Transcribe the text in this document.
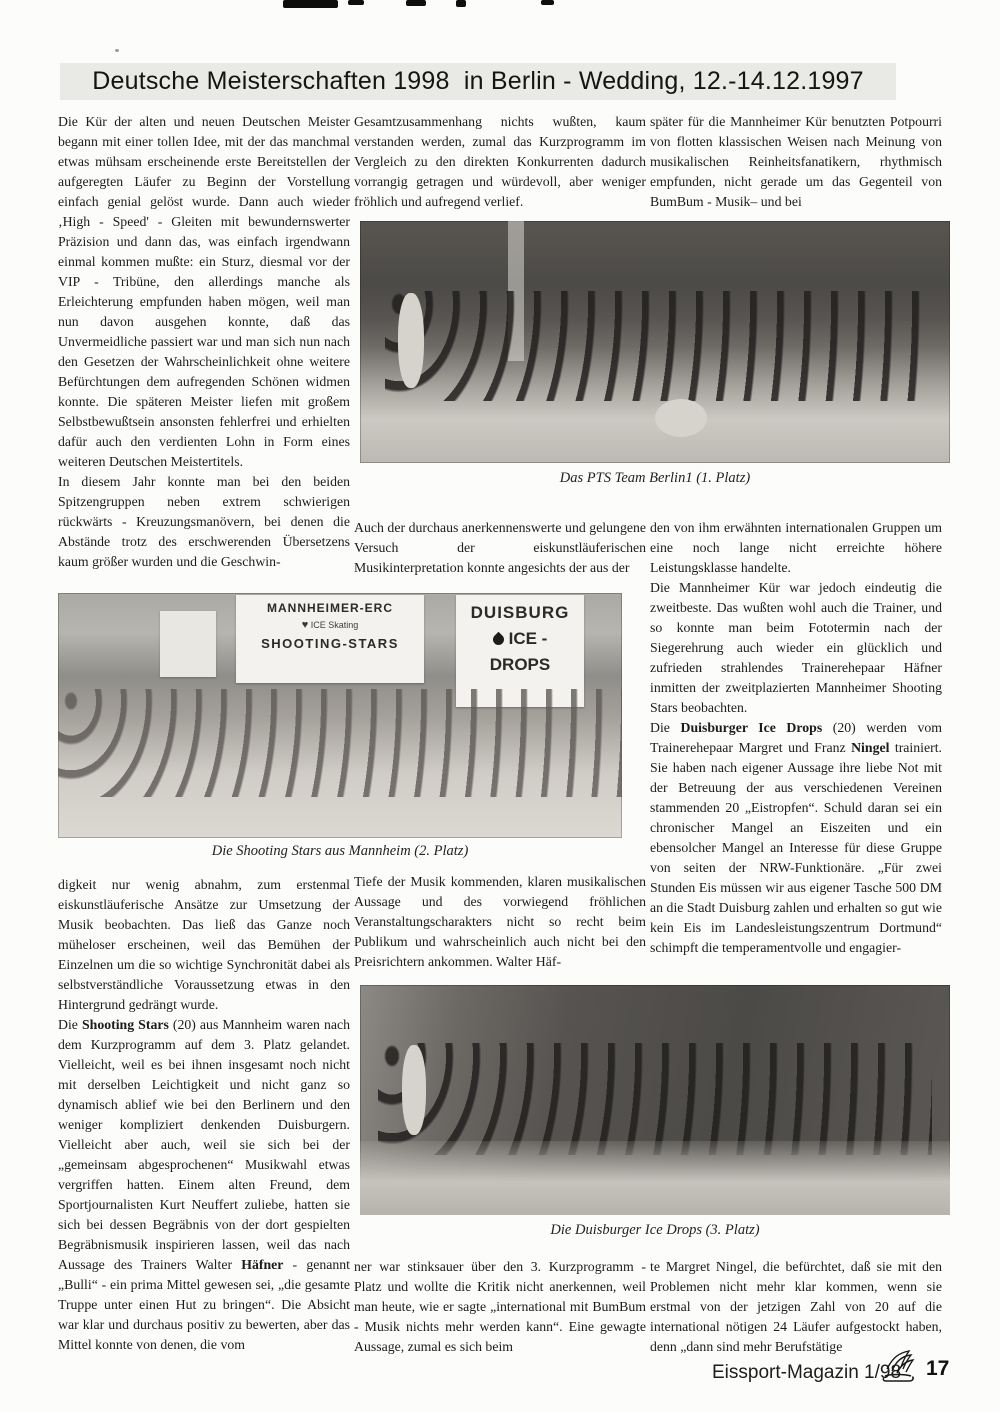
Deutsche Meisterschaften 1998  in Berlin - Wedding, 12.-14.12.1997

Die Kür der alten und neuen Deutschen Meister begann mit einer tollen Idee, mit der das manchmal etwas mühsam erscheinende erste Bereitstellen der aufgeregten Läufer zu Beginn der Vorstellung einfach genial gelöst wurde. Dann auch wieder ‚High - Speed' - Gleiten mit bewundernswerter Präzision und dann das, was einfach irgendwann einmal kommen mußte: ein Sturz, diesmal vor der VIP - Tribüne, den allerdings manche als Erleichterung empfunden haben mögen, weil man nun davon ausgehen konnte, daß das Unvermeidliche passiert war und man sich nun nach den Gesetzen der Wahrscheinlichkeit ohne weitere Befürchtungen dem aufregenden Schönen widmen konnte. Die späteren Meister liefen mit großem Selbstbewußtsein ansonsten fehlerfrei und erhielten dafür auch den verdienten Lohn in Form eines weiteren Deutschen Meistertitels.

In diesem Jahr konnte man bei den beiden Spitzengruppen neben extrem schwierigen rückwärts - Kreuzungsmanövern, bei denen die Abstände trotz des erschwerenden Übersetzens kaum größer wurden und die Geschwin-

Gesamtzusammenhang nichts wußten, kaum verstanden werden, zumal das Kurzprogramm im Vergleich zu den direkten Konkurrenten dadurch vorrangig getragen und würdevoll, aber weniger fröhlich und aufregend verlief.

später für die Mannheimer Kür benutzten Potpourri von flotten klassischen Weisen nach Meinung von musikalischen Reinheitsfanatikern, rhythmisch empfunden, nicht gerade um das Gegenteil von BumBum - Musik– und bei

Das PTS Team Berlin1 (1. Platz)

Auch der durchaus anerkennenswerte und gelungene Versuch der eiskunstläuferischen Musikinterpretation konnte angesichts der aus der

den von ihm erwähnten internationalen Gruppen um eine noch lange nicht erreichte höhere Leistungsklasse handelte.

Die Mannheimer Kür war jedoch eindeutig die zweitbeste. Das wußten wohl auch die Trainer, und so konnte man beim Fototermin nach der Siegerehrung auch wieder ein glücklich und zufrieden strahlendes Trainerehepaar Häfner inmitten der zweitplazierten Mannheimer Shooting Stars beobachten.

Die Duisburger Ice Drops (20) werden vom Trainerehepaar Margret und Franz Ningel trainiert. Sie haben nach eigener Aussage ihre liebe Not mit der Betreuung der aus verschiedenen Vereinen stammenden 20 „Eistropfen“. Schuld daran sei ein chronischer Mangel an Eiszeiten und ein ebensolcher Mangel an Interesse für diese Gruppe von seiten der NRW-Funktionäre. „Für zwei Stunden Eis müssen wir aus eigener Tasche 500 DM an die Stadt Duisburg zahlen und erhalten so gut wie kein Eis im Landesleistungszentrum Dortmund“ schimpft die temperamentvolle und engagier-

MANNHEIMER-ERC
♥ ICE Skating
SHOOTING-STARS
DUISBURG
ICE -
DROPS
Die Shooting Stars aus Mannheim (2. Platz)

digkeit nur wenig abnahm, zum erstenmal eiskunstläuferische Ansätze zur Umsetzung der Musik beobachten. Das ließ das Ganze noch müheloser erscheinen, weil das Bemühen der Einzelnen um die so wichtige Synchronität dabei als selbstverständliche Voraussetzung etwas in den Hintergrund gedrängt wurde.

Die Shooting Stars (20) aus Mannheim waren nach dem Kurzprogramm auf dem 3. Platz gelandet. Vielleicht, weil es bei ihnen insgesamt noch nicht mit derselben Leichtigkeit und nicht ganz so dynamisch ablief wie bei den Berlinern und den weniger kompliziert denkenden Duisburgern. Vielleicht aber auch, weil sie sich bei der „gemeinsam abgesprochenen“ Musikwahl etwas vergriffen hatten. Einem alten Freund, dem Sportjournalisten Kurt Neuffert zuliebe, hatten sie sich bei dessen Begräbnis von der dort gespielten Begräbnismusik inspirieren lassen, weil das nach Aussage des Trainers Walter Häfner - genannt „Bulli“ - ein prima Mittel gewesen sei, „die gesamte Truppe unter einen Hut zu bringen“. Die Absicht war klar und durchaus positiv zu bewerten, aber das Mittel konnte von denen, die vom

Tiefe der Musik kommenden, klaren musikalischen Aussage und des vorwiegend fröhlichen Veranstaltungscharakters nicht so recht beim Publikum und wahrscheinlich auch nicht bei den Preisrichtern ankommen. Walter Häf-

Die Duisburger Ice Drops (3. Platz)

ner war stinksauer über den 3. Kurzprogramm - Platz und wollte die Kritik nicht anerkennen, weil man heute, wie er sagte „international mit BumBum - Musik nichts mehr werden kann“. Eine gewagte Aussage, zumal es sich beim

te Margret Ningel, die befürchtet, daß sie mit den Problemen nicht mehr klar kommen, wenn sie erstmal von der jetzigen Zahl von 20 auf die international nötigen 24 Läufer aufgestockt haben, denn „dann sind mehr Berufstätige

Eissport-Magazin 1/98 17
